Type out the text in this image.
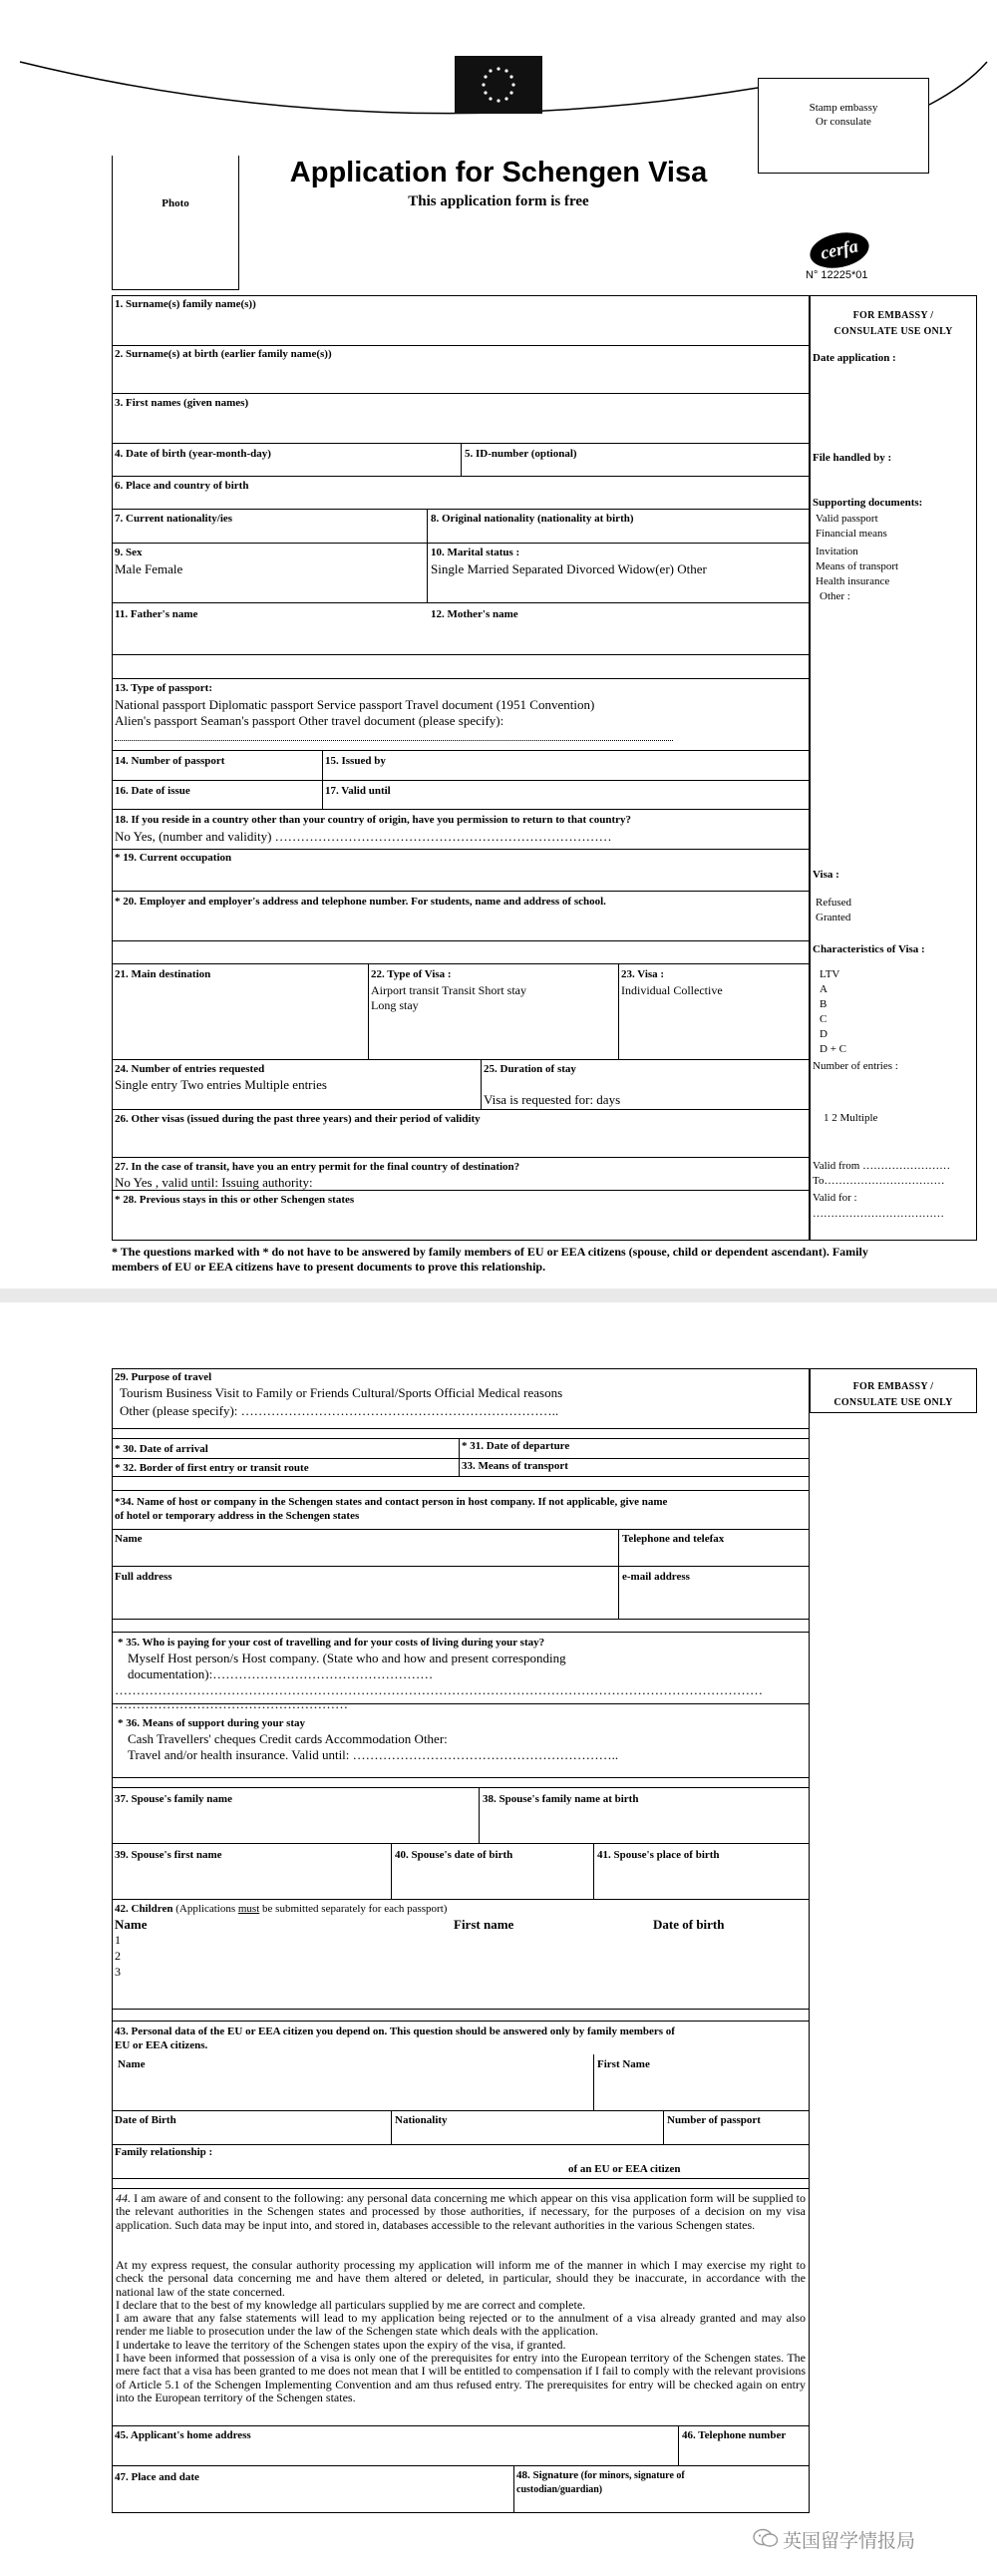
Stamp embassy
Or consulate
Photo
Application for Schengen Visa
This application form is free
cerfa
N° 12225*01
1. Surname(s) family name(s))
2. Surname(s) at birth (earlier family name(s))
3. First names (given names)
4. Date of birth (year-month-day)	5. ID-number (optional)
6. Place and country of birth
7. Current nationality/ies	8. Original nationality (nationality at birth)
9. Sex
Male Female
10. Marital status :
Single Married Separated Divorced Widow(er) Other
11. Father's name	12. Mother's name
13. Type of passport:
National passport Diplomatic passport Service passport Travel document (1951 Convention)
Alien's passport Seaman's passport Other travel document (please specify):
14. Number of passport	15. Issued by
16. Date of issue	17. Valid until
18. If you reside in a country other than your country of origin, have you permission to return to that country?
No Yes, (number and validity) ……………………………………………………………………
* 19. Current occupation
* 20. Employer and employer's address and telephone number. For students, name and address of school.
21. Main destination	22. Type of Visa :
Airport transit Transit Short stay
Long stay
23. Visa :
Individual Collective
24. Number of entries requested
Single entry Two entries Multiple entries
25. Duration of stay
Visa is requested for: days
26. Other visas (issued during the past three years) and their period of validity
27. In the case of transit, have you an entry permit for the final country of destination?
No Yes , valid until: Issuing authority:
* 28. Previous stays in this or other Schengen states
* The questions marked with * do not have to be answered by family members of EU or EEA citizens (spouse, child or dependent ascendant). Family members of EU or EEA citizens have to present documents to prove this relationship.
FOR EMBASSY /
CONSULATE USE ONLY
Date application :
File handled by :
Supporting documents:
Valid passport
Financial means
Invitation
Means of transport
Health insurance
Other :
Visa :
Refused
Granted
Characteristics of Visa :
LTV
A
B
C
D
D + C
Number of entries :
1 2 Multiple
Valid from ……………………
To……………………………
Valid for :
………………………………
FOR EMBASSY /
CONSULATE USE ONLY
29. Purpose of travel
Tourism Business Visit to Family or Friends Cultural/Sports Official Medical reasons
Other (please specify): ………………………………………………………………..
* 30. Date of arrival	* 31. Date of departure
* 32. Border of first entry or transit route	33. Means of transport
*34. Name of host or company in the Schengen states and contact person in host company. If not applicable, give name
of hotel or temporary address in the Schengen states
Name	Telephone and telefax
Full address	e-mail address
* 35. Who is paying for your cost of travelling and for your costs of living during your stay?
Myself Host person/s Host company. (State who and how and present corresponding
documentation):……………………………………………
……………………………………………………………………………………………………………………………………
………………………………………………
* 36. Means of support during your stay
Cash Travellers' cheques Credit cards Accommodation Other:
Travel and/or health insurance. Valid until: ……………………………………………………..
37. Spouse's family name	38. Spouse's family name at birth
39. Spouse's first name	40. Spouse's date of birth	41. Spouse's place of birth
42. Children (Applications must be submitted separately for each passport)
Name	First name	Date of birth
1
2
3
43. Personal data of the EU or EEA citizen you depend on. This question should be answered only by family members of
EU or EEA citizens.
Name	First Name
Date of Birth	Nationality	Number of passport
Family relationship :
of an EU or EEA citizen
44. I am aware of and consent to the following: any personal data concerning me which appear on this visa application form will be supplied to the relevant authorities in the Schengen states and processed by those authorities, if necessary, for the purposes of a decision on my visa application. Such data may be input into, and stored in, databases accessible to the relevant authorities in the various Schengen states.
At my express request, the consular authority processing my application will inform me of the manner in which I may exercise my right to check the personal data concerning me and have them altered or deleted, in particular, should they be inaccurate, in accordance with the national law of the state concerned.
I declare that to the best of my knowledge all particulars supplied by me are correct and complete.
I am aware that any false statements will lead to my application being rejected or to the annulment of a visa already granted and may also render me liable to prosecution under the law of the Schengen state which deals with the application.
I undertake to leave the territory of the Schengen states upon the expiry of the visa, if granted.
I have been informed that possession of a visa is only one of the prerequisites for entry into the European territory of the Schengen states. The mere fact that a visa has been granted to me does not mean that I will be entitled to compensation if I fail to comply with the relevant provisions of Article 5.1 of the Schengen Implementing Convention and am thus refused entry. The prerequisites for entry will be checked again on entry into the European territory of the Schengen states.
45. Applicant's home address	46. Telephone number
47. Place and date	48. Signature (for minors, signature of
custodian/guardian)
英国留学情报局
